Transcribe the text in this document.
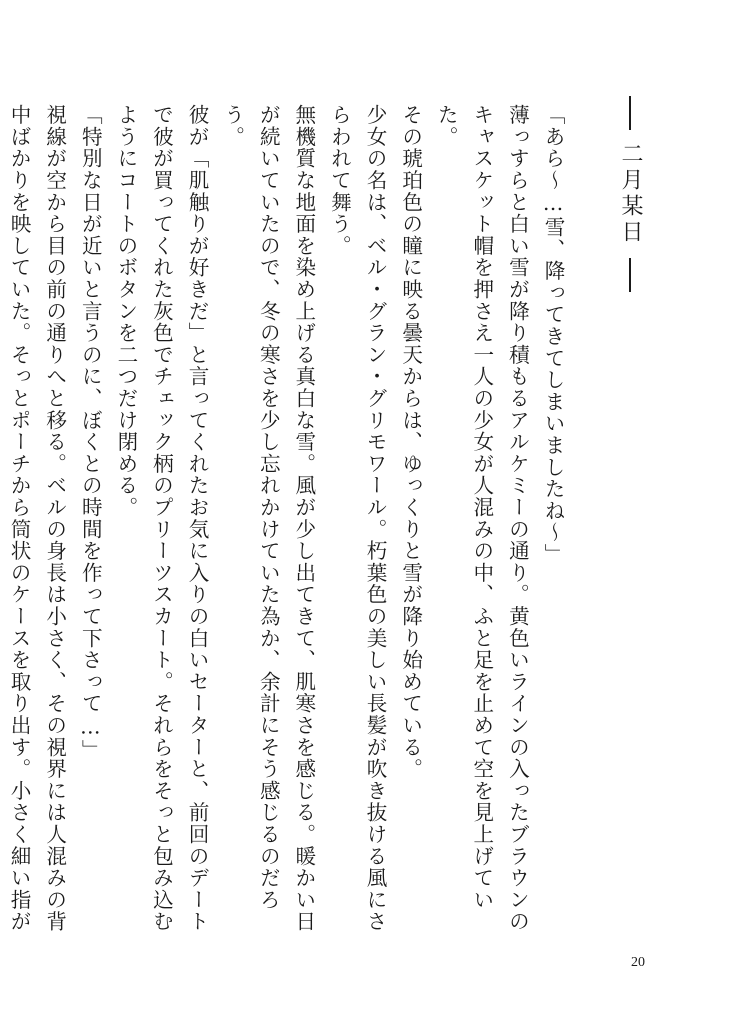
二月某日

「あら～…雪、降ってきてしまいましたね～」

薄っすらと白い雪が降り積もるアルケミーの通り。黄色いラインの入ったブラウンのキャスケット帽を押さえ一人の少女が人混みの中、ふと足を止めて空を見上げていた。

その琥珀色の瞳に映る曇天からは、ゆっくりと雪が降り始めている。

少女の名は、ベル・グラン・グリモワール。朽葉色の美しい長髪が吹き抜ける風にさらわれて舞う。

無機質な地面を染め上げる真白な雪。風が少し出てきて、肌寒さを感じる。暖かい日が続いていたので、冬の寒さを少し忘れかけていた為か、余計にそう感じるのだろう。

彼が「肌触りが好きだ」と言ってくれたお気に入りの白いセーターと、前回のデートで彼が買ってくれた灰色でチェック柄のプリーツスカート。それらをそっと包み込むようにコートのボタンを二つだけ閉める。

「特別な日が近いと言うのに、ぼくとの時間を作って下さって…」

視線が空から目の前の通りへと移る。ベルの身長は小さく、その視界には人混みの背中ばかりを映していた。そっとポーチから筒状のケースを取り出す。小さく細い指が

20
